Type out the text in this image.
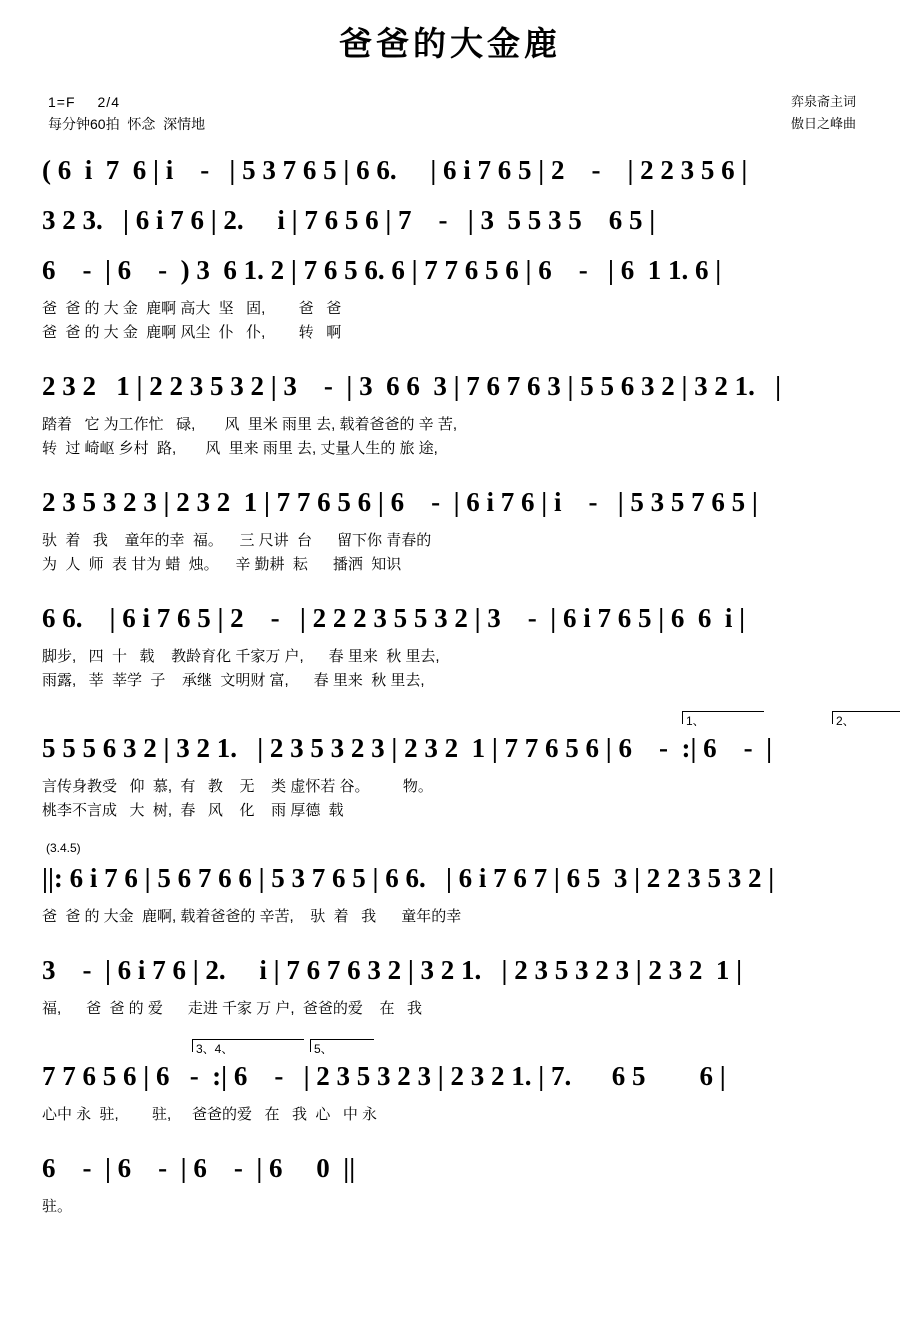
爸爸的大金鹿
1=F 2/4
每分钟60拍 怀念 深情地
弈泉斋主词
傲日之峰曲
( 6  i  7  6 | i    -   | 5 3 7 6 5 | 6 6.     | 6 i 7 6 5 | 2    -    | 2 2 3 5 6 |
3 2 3.   | 6 i 7 6 | 2.     i | 7 6 5 6 | 7    -   | 3  5 5 3 5    6 5 |
6    -  | 6    -  ) 3  6 1. 2 | 7 6 5 6. 6 | 7 7 6 5 6 | 6    -   | 6  1 1. 6 |
爸  爸 的 大 金  鹿啊 高大  坚   固,        爸   爸
爸  爸 的 大 金  鹿啊 风尘  仆   仆,        转   啊
2 3 2   1 | 2 2 3 5 3 2 | 3    -  | 3  6 6  3 | 7 6 7 6 3 | 5 5 6 3 2 | 3 2 1.   |
踏着   它 为工作忙   碌,       风  里米 雨里 去, 载着爸爸的 辛 苦,
转  过 崎岖 乡村  路,       风  里来 雨里 去, 丈量人生的 旅 途,
2 3 5 3 2 3 | 2 3 2  1 | 7 7 6 5 6 | 6    -  | 6 i 7 6 | i    -   | 5 3 5 7 6 5 |
驮  着   我    童年的幸  福。    三 尺讲  台      留下你 青春的
为  人  师  表 甘为 蜡  烛。    辛 勤耕  耘      播洒  知识
6 6.    | 6 i 7 6 5 | 2    -   | 2 2 2 3 5 5 3 2 | 3    -  | 6 i 7 6 5 | 6  6  i |
脚步,   四  十   载    教龄育化 千家万 户,      春 里来  秋 里去,
雨露,   莘  莘学  子    承继  文明财 富,      春 里来  秋 里去,
1、	2、
5 5 5 6 3 2 | 3 2 1.   | 2 3 5 3 2 3 | 2 3 2  1 | 7 7 6 5 6 | 6    -  :| 6    -  |
言传身教受   仰  慕,  有   教    无    类 虚怀若 谷。        物。
桃李不言成   大  树,  春   风    化    雨 厚德  载
(3.4.5)
||: 6 i 7 6 | 5 6 7 6 6 | 5 3 7 6 5 | 6 6.   | 6 i 7 6 7 | 6 5  3 | 2 2 3 5 3 2 |
爸  爸 的 大金  鹿啊, 载着爸爸的 辛苦,    驮  着   我      童年的幸
3    -  | 6 i 7 6 | 2.     i | 7 6 7 6 3 2 | 3 2 1.   | 2 3 5 3 2 3 | 2 3 2  1 |
福,      爸  爸 的 爱      走进 千家 万 户,  爸爸的爱    在   我
3、4、	5、
7 7 6 5 6 | 6   -  :| 6    -   | 2 3 5 3 2 3 | 2 3 2 1. | 7.      6 5        6 |
心中 永  驻,        驻,     爸爸的爱   在   我  心   中 永
6    -  | 6    -  | 6    -  | 6     0  ||
驻。
